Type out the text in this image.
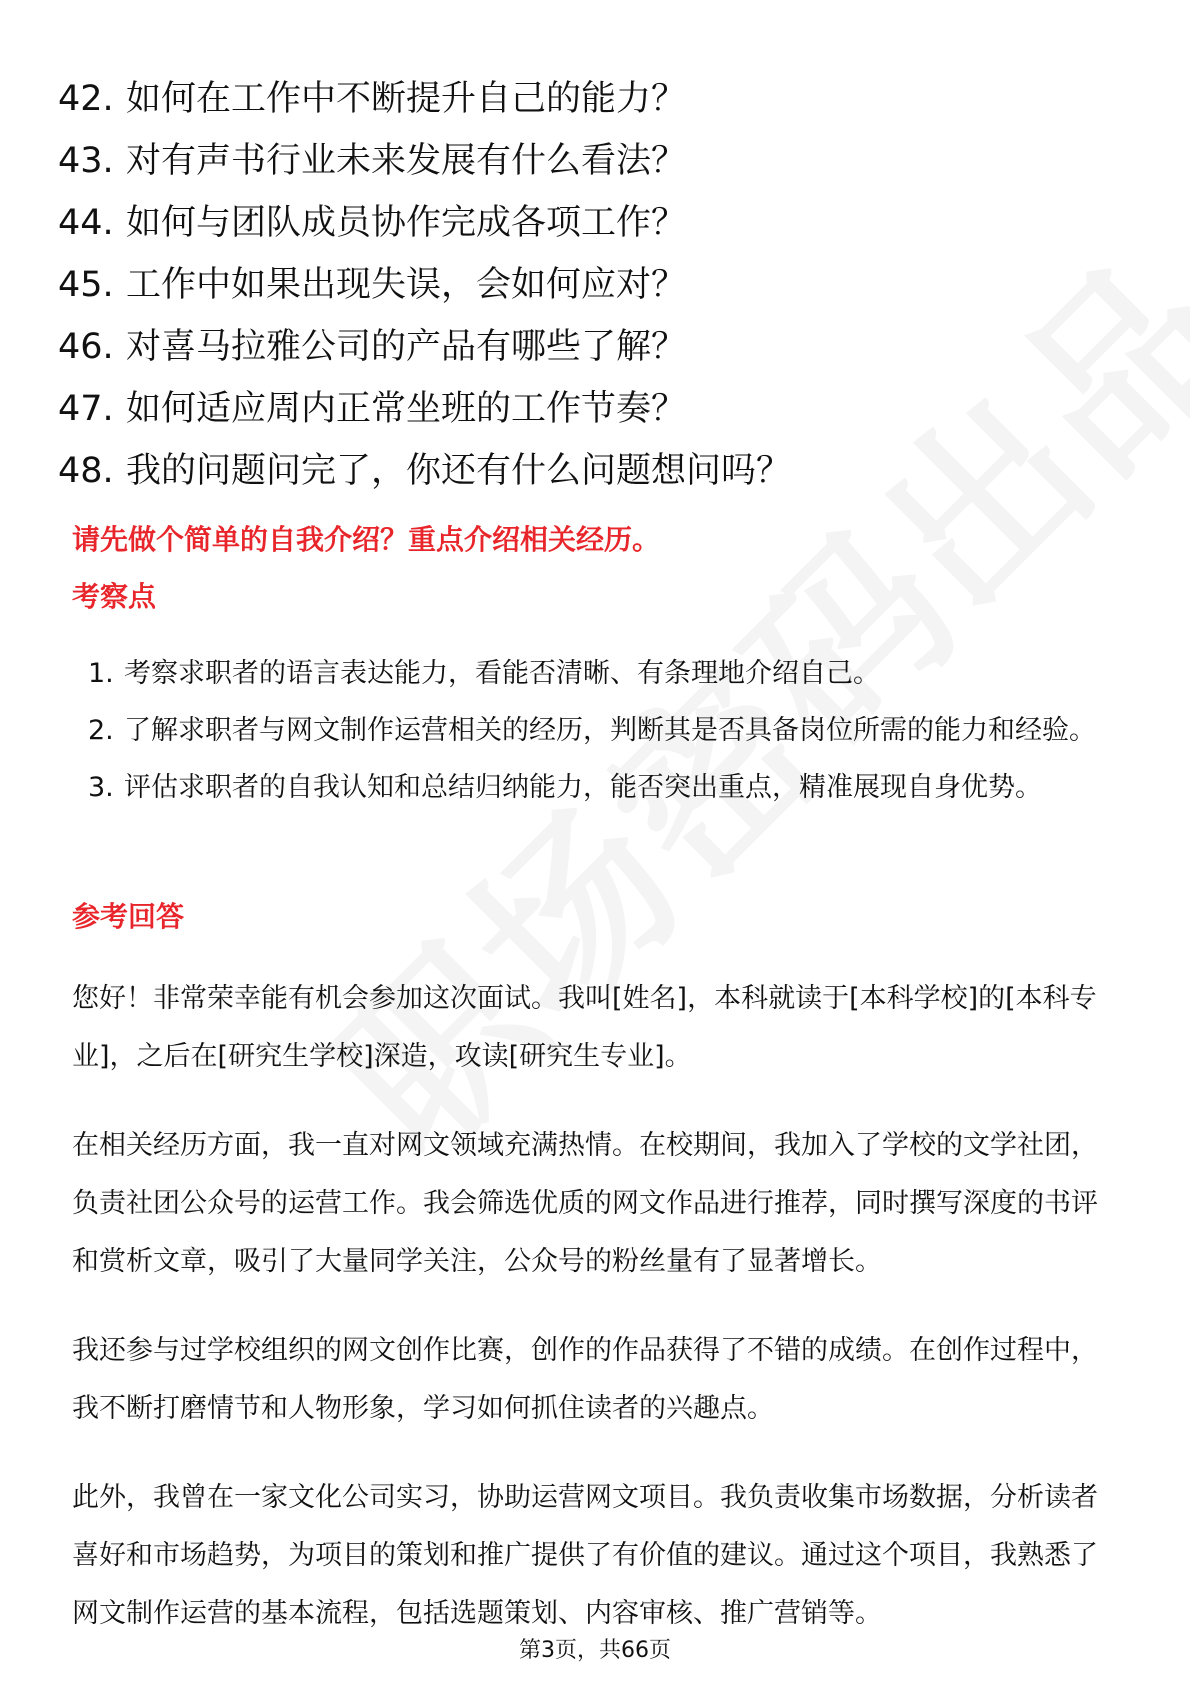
42. 如何在工作中不断提升自己的能力？
43. 对有声书行业未来发展有什么看法？
44. 如何与团队成员协作完成各项工作？
45. 工作中如果出现失误，会如何应对？
46. 对喜马拉雅公司的产品有哪些了解？
47. 如何适应周内正常坐班的工作节奏？
48. 我的问题问完了，你还有什么问题想问吗？
请先做个简单的自我介绍？重点介绍相关经历。
考察点
1. 考察求职者的语言表达能力，看能否清晰、有条理地介绍自己。
2. 了解求职者与网文制作运营相关的经历，判断其是否具备岗位所需的能力和经验。
3. 评估求职者的自我认知和总结归纳能力，能否突出重点，精准展现自身优势。
参考回答

您好！非常荣幸能有机会参加这次面试。我叫[姓名]，本科就读于[本科学校]的[本科专业]，之后在[研究生学校]深造，攻读[研究生专业]。

在相关经历方面，我一直对网文领域充满热情。在校期间，我加入了学校的文学社团，负责社团公众号的运营工作。我会筛选优质的网文作品进行推荐，同时撰写深度的书评和赏析文章，吸引了大量同学关注，公众号的粉丝量有了显著增长。

我还参与过学校组织的网文创作比赛，创作的作品获得了不错的成绩。在创作过程中，我不断打磨情节和人物形象，学习如何抓住读者的兴趣点。

此外，我曾在一家文化公司实习，协助运营网文项目。我负责收集市场数据，分析读者喜好和市场趋势，为项目的策划和推广提供了有价值的建议。通过这个项目，我熟悉了网文制作运营的基本流程，包括选题策划、内容审核、推广营销等。

第3页，共66页
